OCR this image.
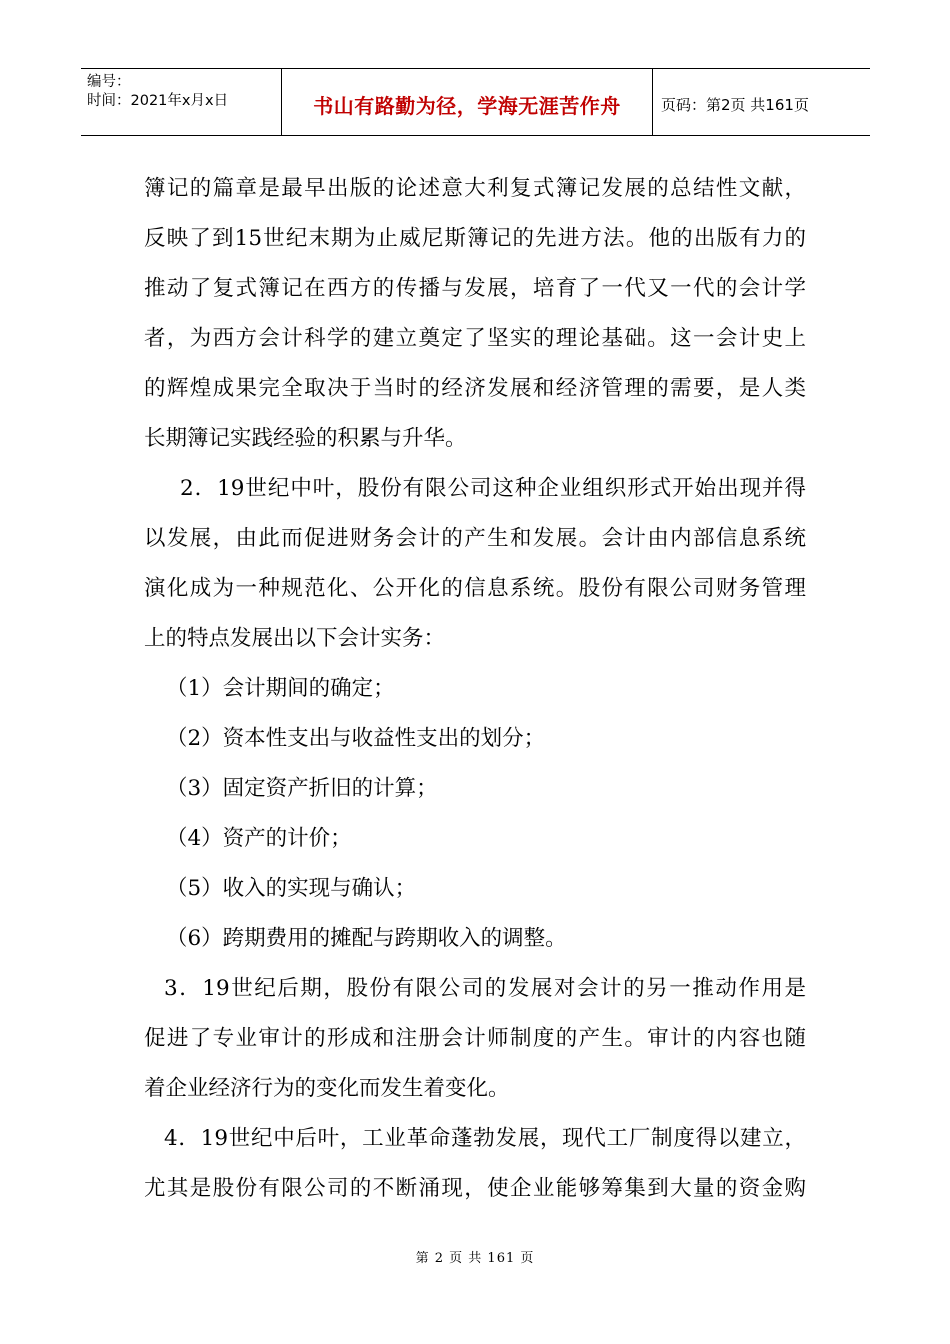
编号：
时间：2021年x月x日	书山有路勤为径，学海无涯苦作舟	页码：第2页 共161页
簿记的篇章是最早出版的论述意大利复式簿记发展的总结性文献，
反映了到15世纪末期为止威尼斯簿记的先进方法。他的出版有力的
推动了复式簿记在西方的传播与发展，培育了一代又一代的会计学
者，为西方会计科学的建立奠定了坚实的理论基础。这一会计史上
的辉煌成果完全取决于当时的经济发展和经济管理的需要，是人类
长期簿记实践经验的积累与升华。
2．19世纪中叶，股份有限公司这种企业组织形式开始出现并得
以发展，由此而促进财务会计的产生和发展。会计由内部信息系统
演化成为一种规范化、公开化的信息系统。股份有限公司财务管理
上的特点发展出以下会计实务：
（1）会计期间的确定；
（2）资本性支出与收益性支出的划分；
（3）固定资产折旧的计算；
（4）资产的计价；
（5）收入的实现与确认；
（6）跨期费用的摊配与跨期收入的调整。
3．19世纪后期，股份有限公司的发展对会计的另一推动作用是
促进了专业审计的形成和注册会计师制度的产生。审计的内容也随
着企业经济行为的变化而发生着变化。
4．19世纪中后叶，工业革命蓬勃发展，现代工厂制度得以建立，
尤其是股份有限公司的不断涌现，使企业能够筹集到大量的资金购
第 2 页 共 161 页
